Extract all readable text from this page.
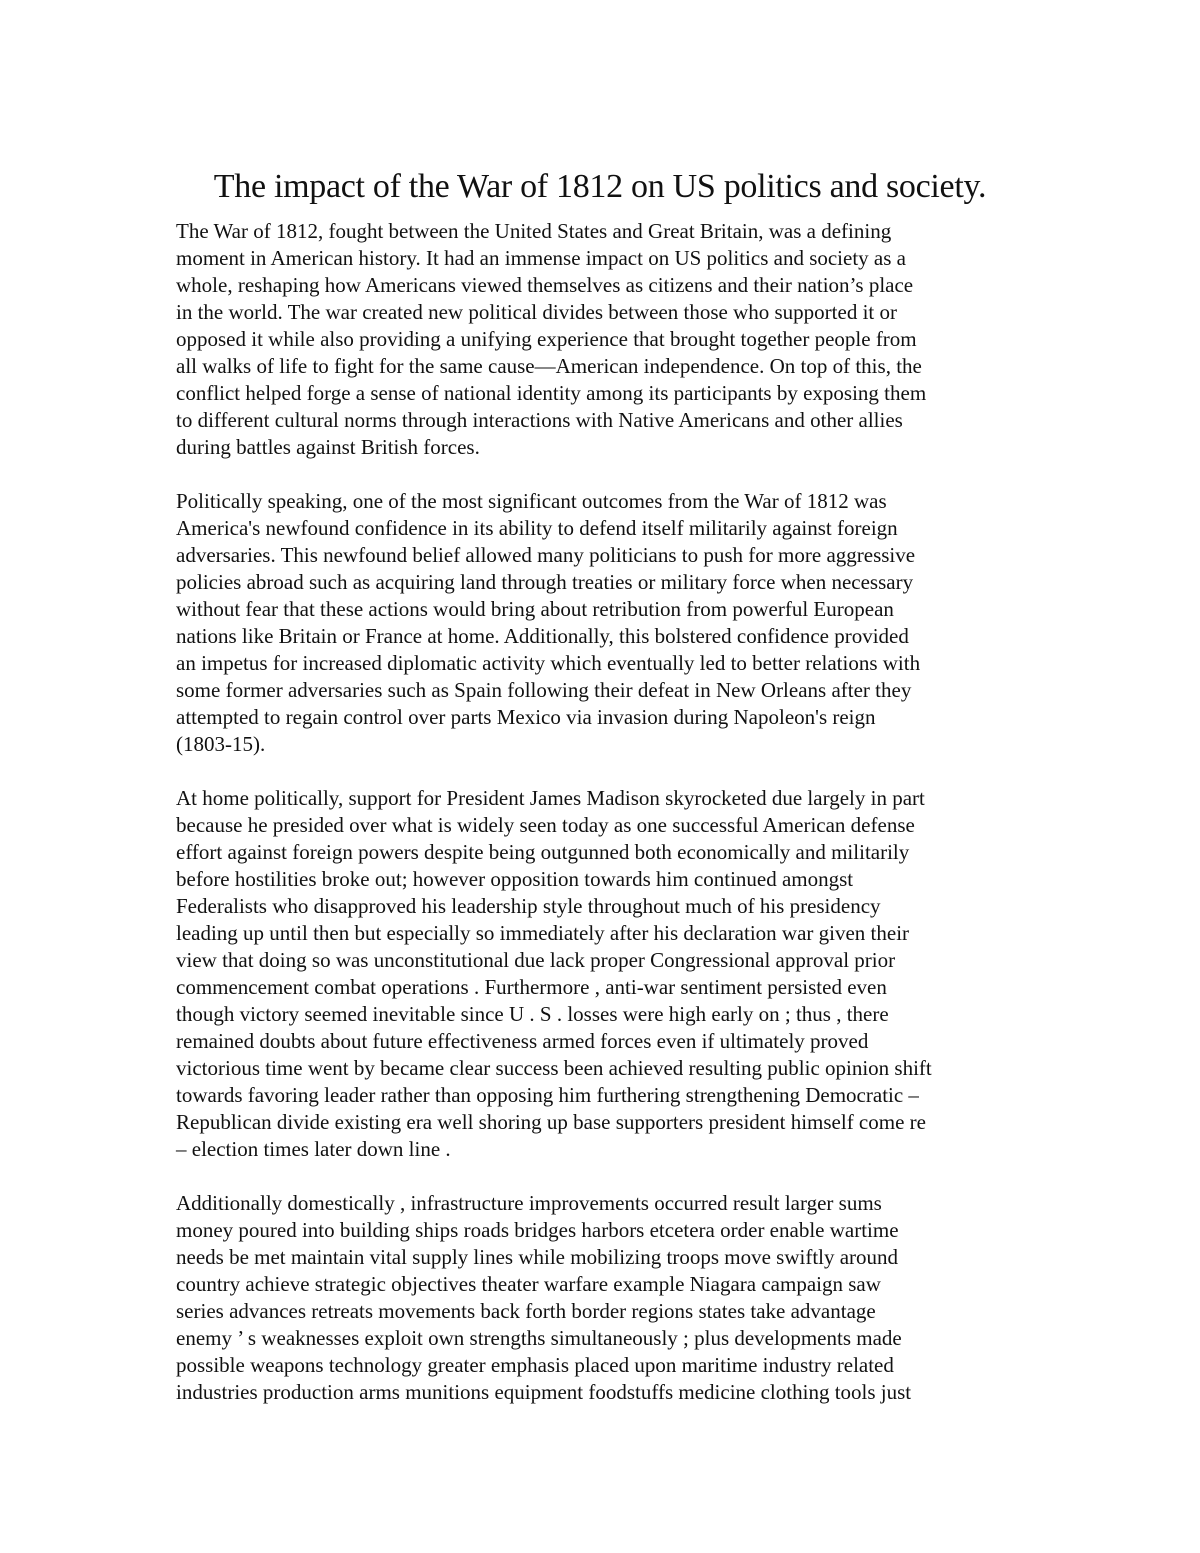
The impact of the War of 1812 on US politics and society.

The War of 1812, fought between the United States and Great Britain, was a defining
moment in American history. It had an immense impact on US politics and society as a
whole, reshaping how Americans viewed themselves as citizens and their nation’s place
in the world. The war created new political divides between those who supported it or
opposed it while also providing a unifying experience that brought together people from
all walks of life to fight for the same cause—American independence. On top of this, the
conflict helped forge a sense of national identity among its participants by exposing them
to different cultural norms through interactions with Native Americans and other allies
during battles against British forces.

Politically speaking, one of the most significant outcomes from the War of 1812 was
America's newfound confidence in its ability to defend itself militarily against foreign
adversaries. This newfound belief allowed many politicians to push for more aggressive
policies abroad such as acquiring land through treaties or military force when necessary
without fear that these actions would bring about retribution from powerful European
nations like Britain or France at home. Additionally, this bolstered confidence provided
an impetus for increased diplomatic activity which eventually led to better relations with
some former adversaries such as Spain following their defeat in New Orleans after they
attempted to regain control over parts Mexico via invasion during Napoleon's reign
(1803-15).

At home politically, support for President James Madison skyrocketed due largely in part
because he presided over what is widely seen today as one successful American defense
effort against foreign powers despite being outgunned both economically and militarily
before hostilities broke out; however opposition towards him continued amongst
Federalists who disapproved his leadership style throughout much of his presidency
leading up until then but especially so immediately after his declaration war given their
view that doing so was unconstitutional due lack proper Congressional approval prior
commencement combat operations . Furthermore , anti-war sentiment persisted even
though victory seemed inevitable since U . S . losses were high early on ; thus , there
remained doubts about future effectiveness armed forces even if ultimately proved
victorious time went by became clear success been achieved resulting public opinion shift
towards favoring leader rather than opposing him furthering strengthening Democratic –
Republican divide existing era well shoring up base supporters president himself come re
– election times later down line .

Additionally domestically , infrastructure improvements occurred result larger sums
money poured into building ships roads bridges harbors etcetera order enable wartime
needs be met maintain vital supply lines while mobilizing troops move swiftly around
country achieve strategic objectives theater warfare example Niagara campaign saw
series advances retreats movements back forth border regions states take advantage
enemy ’ s weaknesses exploit own strengths simultaneously ; plus developments made
possible weapons technology greater emphasis placed upon maritime industry related
industries production arms munitions equipment foodstuffs medicine clothing tools just
